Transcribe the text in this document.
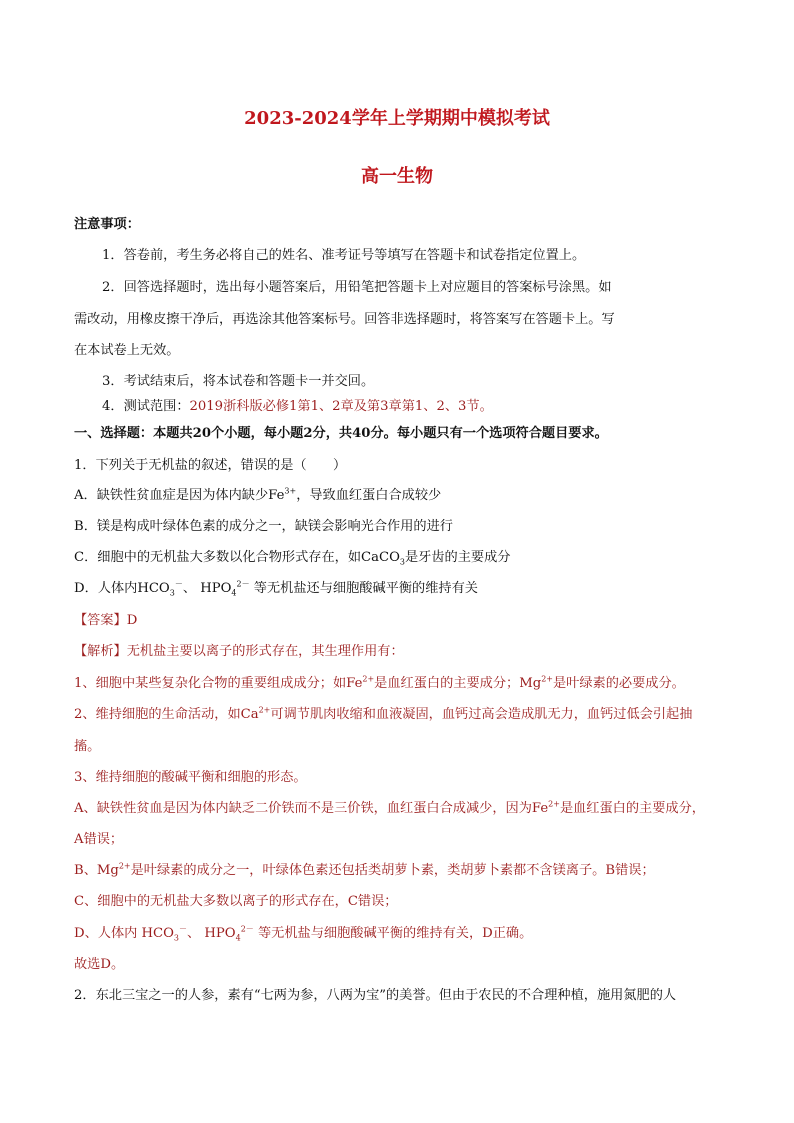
2023-2024学年上学期期中模拟考试
高一生物
注意事项：
1．答卷前，考生务必将自己的姓名、准考证号等填写在答题卡和试卷指定位置上。
2．回答选择题时，选出每小题答案后，用铅笔把答题卡上对应题目的答案标号涂黑。如
需改动，用橡皮擦干净后，再选涂其他答案标号。回答非选择题时，将答案写在答题卡上。写
在本试卷上无效。
3．考试结束后，将本试卷和答题卡一并交回。
4．测试范围：2019浙科版必修1第1、2章及第3章第1、2、3节。
一、选择题：本题共20个小题，每小题2分，共40分。每小题只有一个选项符合题目要求。
1．下列关于无机盐的叙述，错误的是（　　）
A．缺铁性贫血症是因为体内缺少$Fe^{3+}$，导致血红蛋白合成较少
B．镁是构成叶绿体色素的成分之一，缺镁会影响光合作用的进行
C．细胞中的无机盐大多数以化合物形式存在，如CaCO$_3$是牙齿的主要成分
D．人体内$HCO_3^-$、 $HPO_4^{2-}$ 等无机盐还与细胞酸碱平衡的维持有关
【答案】D
【解析】无机盐主要以离子的形式存在，其生理作用有：
1、细胞中某些复杂化合物的重要组成成分；如$Fe^{2+}$是血红蛋白的主要成分；$Mg^{2+}$是叶绿素的必要成分。
2、维持细胞的生命活动，如$Ca^{2+}$可调节肌肉收缩和血液凝固，血钙过高会造成肌无力，血钙过低会引起抽
搐。
3、维持细胞的酸碱平衡和细胞的形态。
A、缺铁性贫血是因为体内缺乏二价铁而不是三价铁，血红蛋白合成减少，因为$Fe^{2+}$是血红蛋白的主要成分，
A错误；
B、$Mg^{2+}$是叶绿素的成分之一，叶绿体色素还包括类胡萝卜素，类胡萝卜素都不含镁离子。B错误；
C、细胞中的无机盐大多数以离子的形式存在，C错误；
D、人体内 $HCO_3^-$、 $HPO_4^{2-}$ 等无机盐与细胞酸碱平衡的维持有关，D正确。
故选D。
2．东北三宝之一的人参，素有“七两为参，八两为宝”的美誉。但由于农民的不合理种植，施用氮肥的人
